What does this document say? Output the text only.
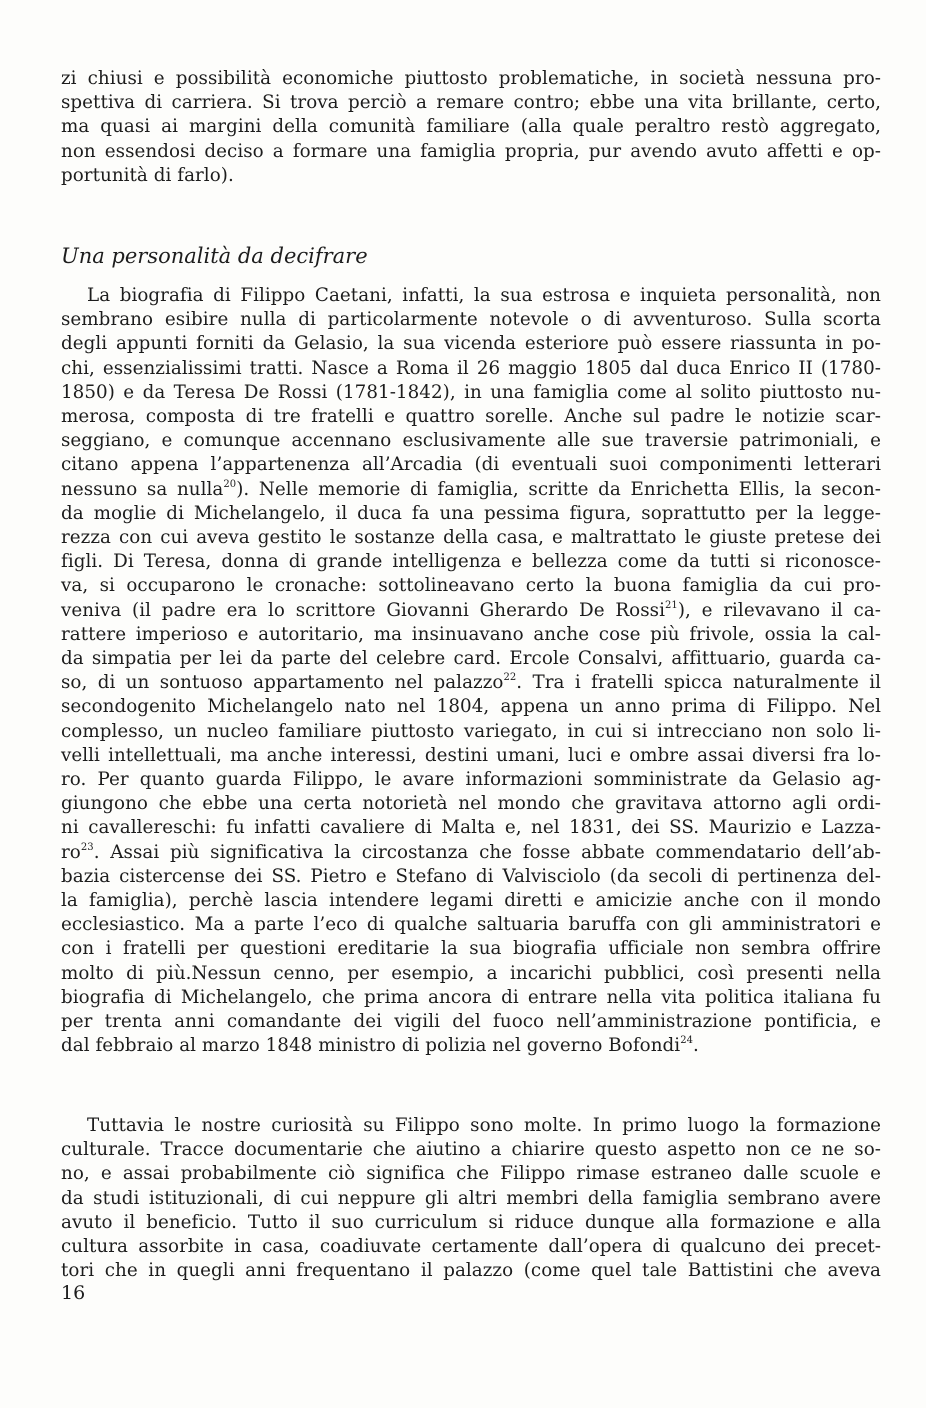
zi chiusi e possibilità economiche piuttosto problematiche, in società nessuna pro-
spettiva di carriera. Si trova perciò a remare contro; ebbe una vita brillante, certo,
ma quasi ai margini della comunità familiare (alla quale peraltro restò aggregato,
non essendosi deciso a formare una famiglia propria, pur avendo avuto affetti e op-
portunità di farlo).
Una personalità da decifrare
La biografia di Filippo Caetani, infatti, la sua estrosa e inquieta personalità, non
sembrano esibire nulla di particolarmente notevole o di avventuroso. Sulla scorta
degli appunti forniti da Gelasio, la sua vicenda esteriore può essere riassunta in po-
chi, essenzialissimi tratti. Nasce a Roma il 26 maggio 1805 dal duca Enrico II (1780-
1850) e da Teresa De Rossi (1781-1842), in una famiglia come al solito piuttosto nu-
merosa, composta di tre fratelli e quattro sorelle. Anche sul padre le notizie scar-
seggiano, e comunque accennano esclusivamente alle sue traversie patrimoniali, e
citano appena l’appartenenza all’Arcadia (di eventuali suoi componimenti letterari
nessuno sa nulla$^{20}$). Nelle memorie di famiglia, scritte da Enrichetta Ellis, la secon-
da moglie di Michelangelo, il duca fa una pessima figura, soprattutto per la legge-
rezza con cui aveva gestito le sostanze della casa, e maltrattato le giuste pretese dei
figli. Di Teresa, donna di grande intelligenza e bellezza come da tutti si riconosce-
va, si occuparono le cronache: sottolineavano certo la buona famiglia da cui pro-
veniva (il padre era lo scrittore Giovanni Gherardo De Rossi$^{21}$), e rilevavano il ca-
rattere imperioso e autoritario, ma insinuavano anche cose più frivole, ossia la cal-
da simpatia per lei da parte del celebre card. Ercole Consalvi, affittuario, guarda ca-
so, di un sontuoso appartamento nel palazzo$^{22}$. Tra i fratelli spicca naturalmente il
secondogenito Michelangelo nato nel 1804, appena un anno prima di Filippo. Nel
complesso, un nucleo familiare piuttosto variegato, in cui si intrecciano non solo li-
velli intellettuali, ma anche interessi, destini umani, luci e ombre assai diversi fra lo-
ro. Per quanto guarda Filippo, le avare informazioni somministrate da Gelasio ag-
giungono che ebbe una certa notorietà nel mondo che gravitava attorno agli ordi-
ni cavallereschi: fu infatti cavaliere di Malta e, nel 1831, dei SS. Maurizio e Lazza-
$ro^{23}$. Assai più significativa la circostanza che fosse abbate commendatario dell’ab-
bazia cistercense dei SS. Pietro e Stefano di Valvisciolo (da secoli di pertinenza del-
la famiglia), perchè lascia intendere legami diretti e amicizie anche con il mondo
ecclesiastico. Ma a parte l’eco di qualche saltuaria baruffa con gli amministratori e
con i fratelli per questioni ereditarie la sua biografia ufficiale non sembra offrire
molto di più.Nessun cenno, per esempio, a incarichi pubblici, così presenti nella
biografia di Michelangelo, che prima ancora di entrare nella vita politica italiana fu
per trenta anni comandante dei vigili del fuoco nell’amministrazione pontificia, e
dal febbraio al marzo 1848 ministro di polizia nel governo Bofondi$^{24}$.
Tuttavia le nostre curiosità su Filippo sono molte. In primo luogo la formazione
culturale. Tracce documentarie che aiutino a chiarire questo aspetto non ce ne so-
no, e assai probabilmente ciò significa che Filippo rimase estraneo dalle scuole e
da studi istituzionali, di cui neppure gli altri membri della famiglia sembrano avere
avuto il beneficio. Tutto il suo curriculum si riduce dunque alla formazione e alla
cultura assorbite in casa, coadiuvate certamente dall’opera di qualcuno dei precet-
tori che in quegli anni frequentano il palazzo (come quel tale Battistini che aveva
16
